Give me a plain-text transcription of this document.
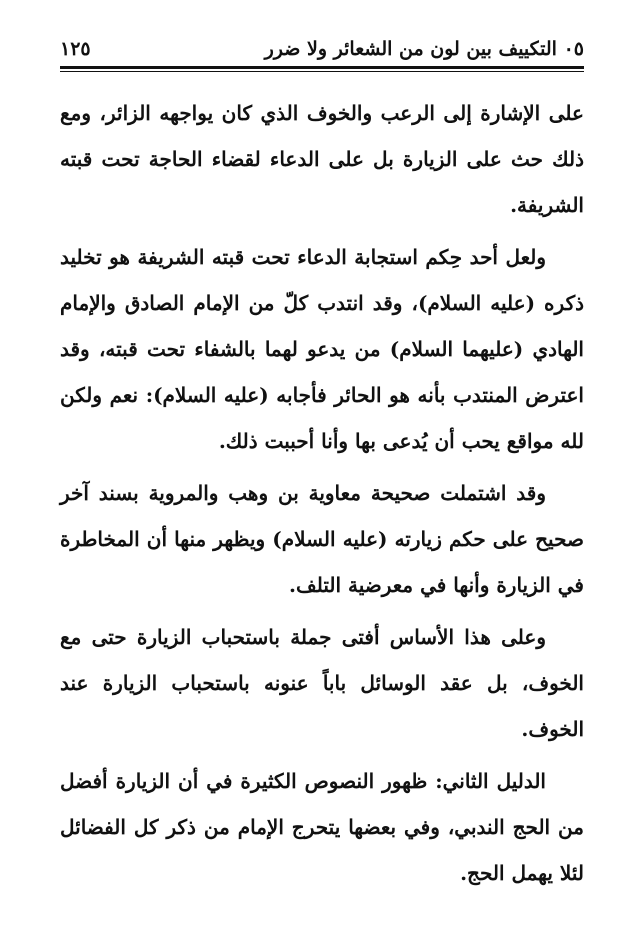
٠٥ التكييف بين لون من الشعائر ولا ضرر
١٢٥

على الإشارة إلى الرعب والخوف الذي كان يواجهه الزائر، ومع ذلك حث على الزيارة بل على الدعاء لقضاء الحاجة تحت قبته الشريفة.

ولعل أحد حِكم استجابة الدعاء تحت قبته الشريفة هو تخليد ذكره (عليه السلام)، وقد انتدب كلّ من الإمام الصادق والإمام الهادي (عليهما السلام) من يدعو لهما بالشفاء تحت قبته، وقد اعترض المنتدب بأنه هو الحائر فأجابه (عليه السلام): نعم ولكن لله مواقع يحب أن يُدعى بها وأنا أحببت ذلك.

وقد اشتملت صحيحة معاوية بن وهب والمروية بسند آخر صحيح على حكم زيارته (عليه السلام) ويظهر منها أن المخاطرة في الزيارة وأنها في معرضية التلف.

وعلى هذا الأساس أفتى جملة باستحباب الزيارة حتى مع الخوف، بل عقد الوسائل باباً عنونه باستحباب الزيارة عند الخوف.

الدليل الثاني: ظهور النصوص الكثيرة في أن الزيارة أفضل من الحج الندبي، وفي بعضها يتحرج الإمام من ذكر كل الفضائل لئلا يهمل الحج.
